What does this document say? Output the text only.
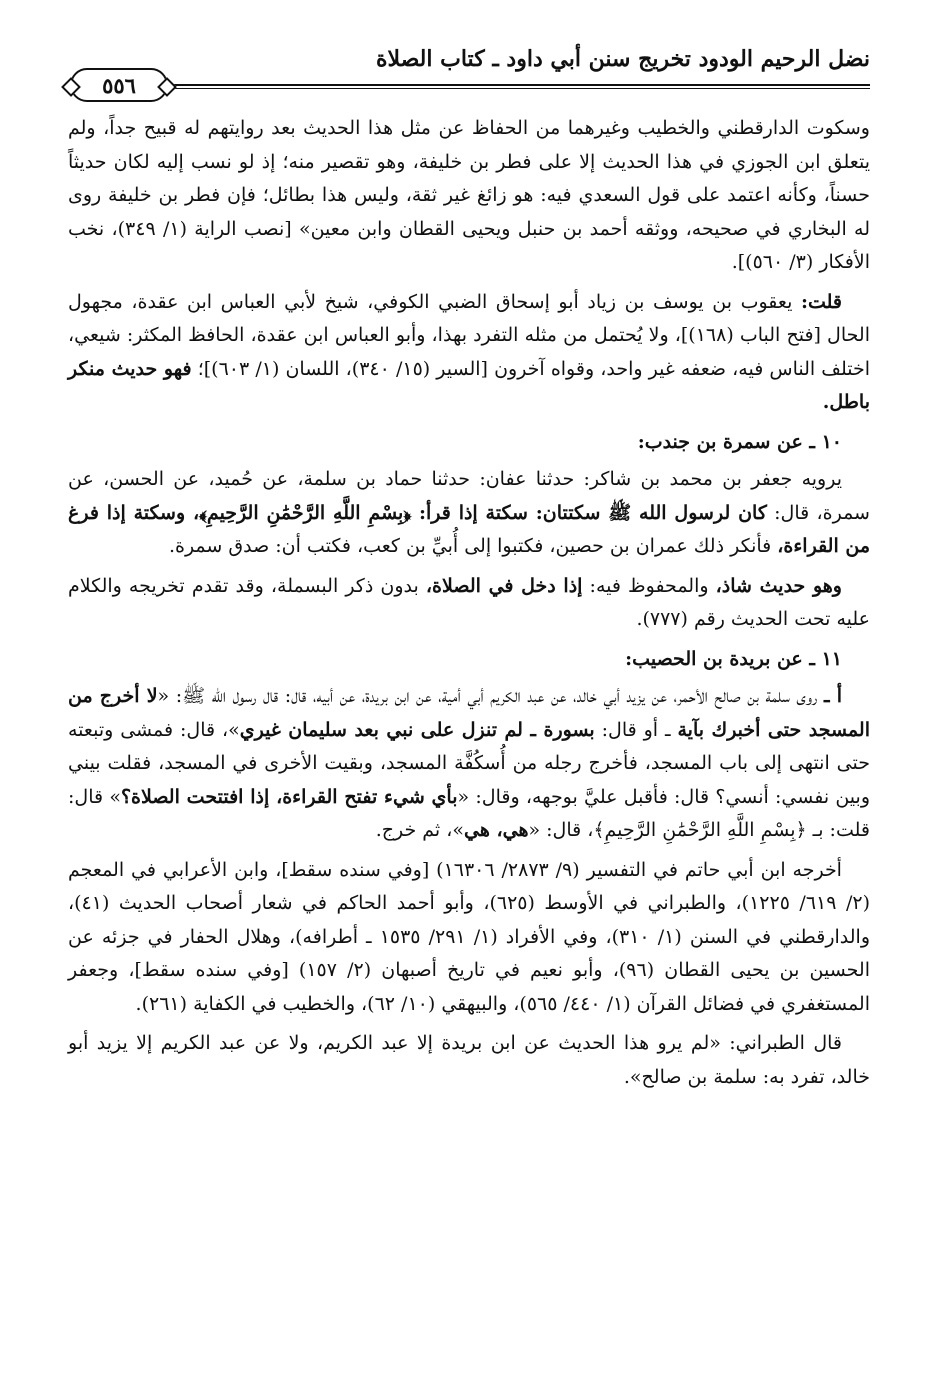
نضل الرحيم الودود تخريج سنن أبي داود ـ كتاب الصلاة
٥٥٦

وسكوت الدارقطني والخطيب وغيرهما من الحفاظ عن مثل هذا الحديث بعد روايتهم له قبيح جداً، ولم يتعلق ابن الجوزي في هذا الحديث إلا على فطر بن خليفة، وهو تقصير منه؛ إذ لو نسب إليه لكان حديثاً حسناً، وكأنه اعتمد على قول السعدي فيه: هو زائغ غير ثقة، وليس هذا بطائل؛ فإن فطر بن خليفة روى له البخاري في صحيحه، ووثقه أحمد بن حنبل ويحيى القطان وابن معين» [نصب الراية (١/ ٣٤٩)، نخب الأفكار (٣/ ٥٦٠)].

قلت: يعقوب بن يوسف بن زياد أبو إسحاق الضبي الكوفي، شيخ لأبي العباس ابن عقدة، مجهول الحال [فتح الباب (١٦٨)]، ولا يُحتمل من مثله التفرد بهذا، وأبو العباس ابن عقدة، الحافظ المكثر: شيعي، اختلف الناس فيه، ضعفه غير واحد، وقواه آخرون [السير (١٥/ ٣٤٠)، اللسان (١/ ٦٠٣)]؛ فهو حديث منكر باطل.

١٠ ـ عن سمرة بن جندب:

يرويه جعفر بن محمد بن شاكر: حدثنا عفان: حدثنا حماد بن سلمة، عن حُميد، عن الحسن، عن سمرة، قال: كان لرسول الله ﷺ سكتتان: سكتة إذا قرأ: ﴿بِسْمِ اللَّهِ الرَّحْمَٰنِ الرَّحِيمِ﴾، وسكتة إذا فرغ من القراءة، فأنكر ذلك عمران بن حصين، فكتبوا إلى أُبيِّ بن كعب، فكتب أن: صدق سمرة.

وهو حديث شاذ، والمحفوظ فيه: إذا دخل في الصلاة، بدون ذكر البسملة، وقد تقدم تخريجه والكلام عليه تحت الحديث رقم (٧٧٧).

١١ ـ عن بريدة بن الحصيب:

أ ـ روى سلمة بن صالح الأحمر، عن يزيد أبي خالد، عن عبد الكريم أبي أمية، عن ابن بريدة، عن أبيه، قال: قال رسول الله ﷺ: «لا أخرج من المسجد حتى أخبرك بآية ـ أو قال: بسورة ـ لم تنزل على نبي بعد سليمان غيري»، قال: فمشى وتبعته حتى انتهى إلى باب المسجد، فأخرج رجله من أُسكُفَّة المسجد، وبقيت الأخرى في المسجد، فقلت بيني وبين نفسي: أنسي؟ قال: فأقبل عليَّ بوجهه، وقال: «بأي شيء تفتح القراءة، إذا افتتحت الصلاة؟» قال: قلت: بـ ﴿بِسْمِ اللَّهِ الرَّحْمَٰنِ الرَّحِيمِ﴾، قال: «هي، هي»، ثم خرج.

أخرجه ابن أبي حاتم في التفسير (٩/ ٢٨٧٣/ ١٦٣٠٦) [وفي سنده سقط]، وابن الأعرابي في المعجم (٢/ ٦١٩/ ١٢٢٥)، والطبراني في الأوسط (٦٢٥)، وأبو أحمد الحاكم في شعار أصحاب الحديث (٤١)، والدارقطني في السنن (١/ ٣١٠)، وفي الأفراد (١/ ٢٩١/ ١٥٣٥ ـ أطرافه)، وهلال الحفار في جزئه عن الحسين بن يحيى القطان (٩٦)، وأبو نعيم في تاريخ أصبهان (٢/ ١٥٧) [وفي سنده سقط]، وجعفر المستغفري في فضائل القرآن (١/ ٤٤٠/ ٥٦٥)، والبيهقي (١٠/ ٦٢)، والخطيب في الكفاية (٢٦١).

قال الطبراني: «لم يرو هذا الحديث عن ابن بريدة إلا عبد الكريم، ولا عن عبد الكريم إلا يزيد أبو خالد، تفرد به: سلمة بن صالح».
